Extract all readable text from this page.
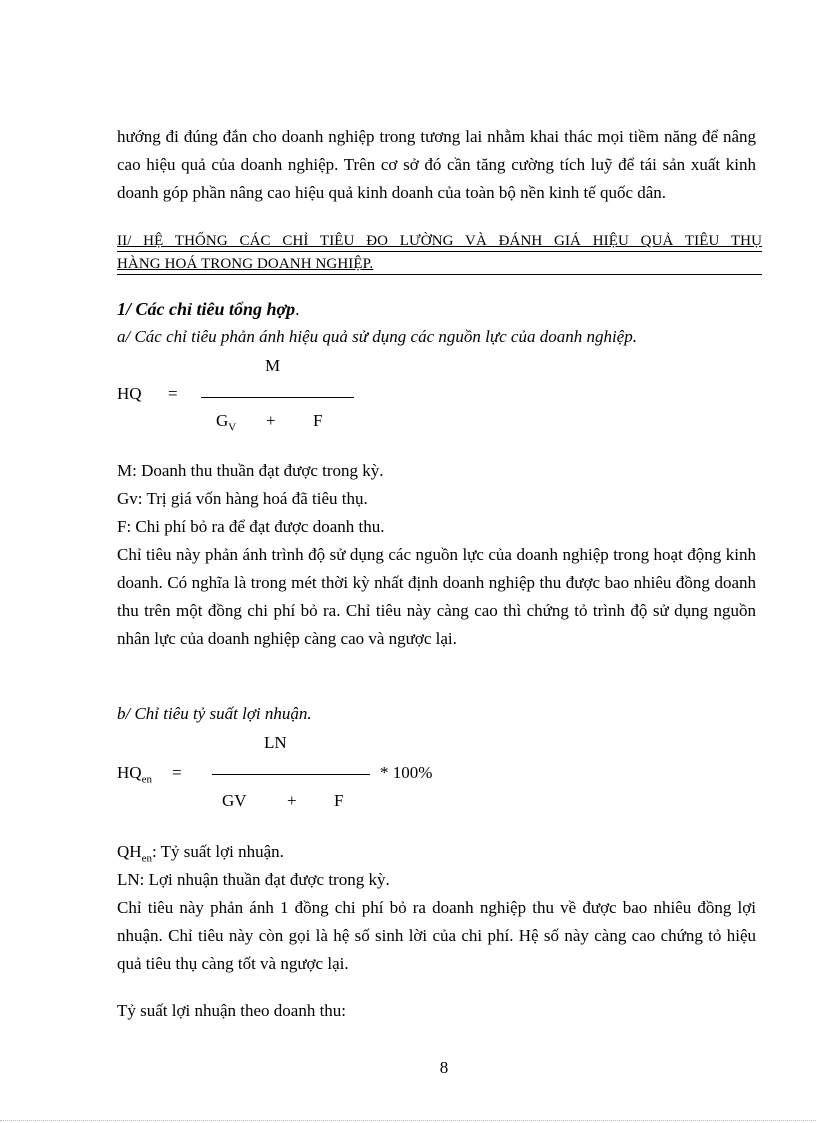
hướng đi đúng đắn cho doanh nghiệp trong tương lai nhằm khai thác mọi tiềm năng để nâng cao hiệu quả của doanh nghiệp. Trên cơ sở đó cần tăng cường tích luỹ để tái sản xuất kinh doanh góp phần nâng cao hiệu quả kinh doanh của toàn bộ nền kinh tế quốc dân.
II/ HỆ THỐNG CÁC CHỈ TIÊU ĐO LƯỜNG VÀ ĐÁNH GIÁ HIỆU QUẢ TIÊU THỤ
HÀNG HOÁ TRONG DOANH NGHIỆP.
1/ Các chỉ tiêu tổng hợp.
a/ Các chỉ tiêu phản ánh hiệu quả sử dụng các nguồn lực của doanh nghiệp.
M
HQ =
$G_V + F$
M: Doanh thu thuần đạt được trong kỳ.
Gv: Trị giá vốn hàng hoá đã tiêu thụ.
F: Chi phí bỏ ra để đạt được doanh thu.
Chỉ tiêu này phản ánh trình độ sử dụng các nguồn lực của doanh nghiệp trong hoạt động kinh doanh. Có nghĩa là trong mét thời kỳ nhất định doanh nghiệp thu được bao nhiêu đồng doanh thu trên một đồng chi phí bỏ ra. Chỉ tiêu này càng cao thì chứng tỏ trình độ sử dụng nguồn nhân lực của doanh nghiệp càng cao và ngược lại.
b/ Chỉ tiêu tỷ suất lợi nhuận.
LN
$HQ_{en}$ =	* 100%
GV + F
$QH_{en}$: Tỷ suất lợi nhuận.
LN: Lợi nhuận thuần đạt được trong kỳ.
Chỉ tiêu này phản ánh 1 đồng chi phí bỏ ra doanh nghiệp thu về được bao nhiêu đồng lợi nhuận. Chỉ tiêu này còn gọi là hệ số sinh lời của chi phí. Hệ số này càng cao chứng tỏ hiệu quả tiêu thụ càng tốt và ngược lại.
Tỷ suất lợi nhuận theo doanh thu:
8
